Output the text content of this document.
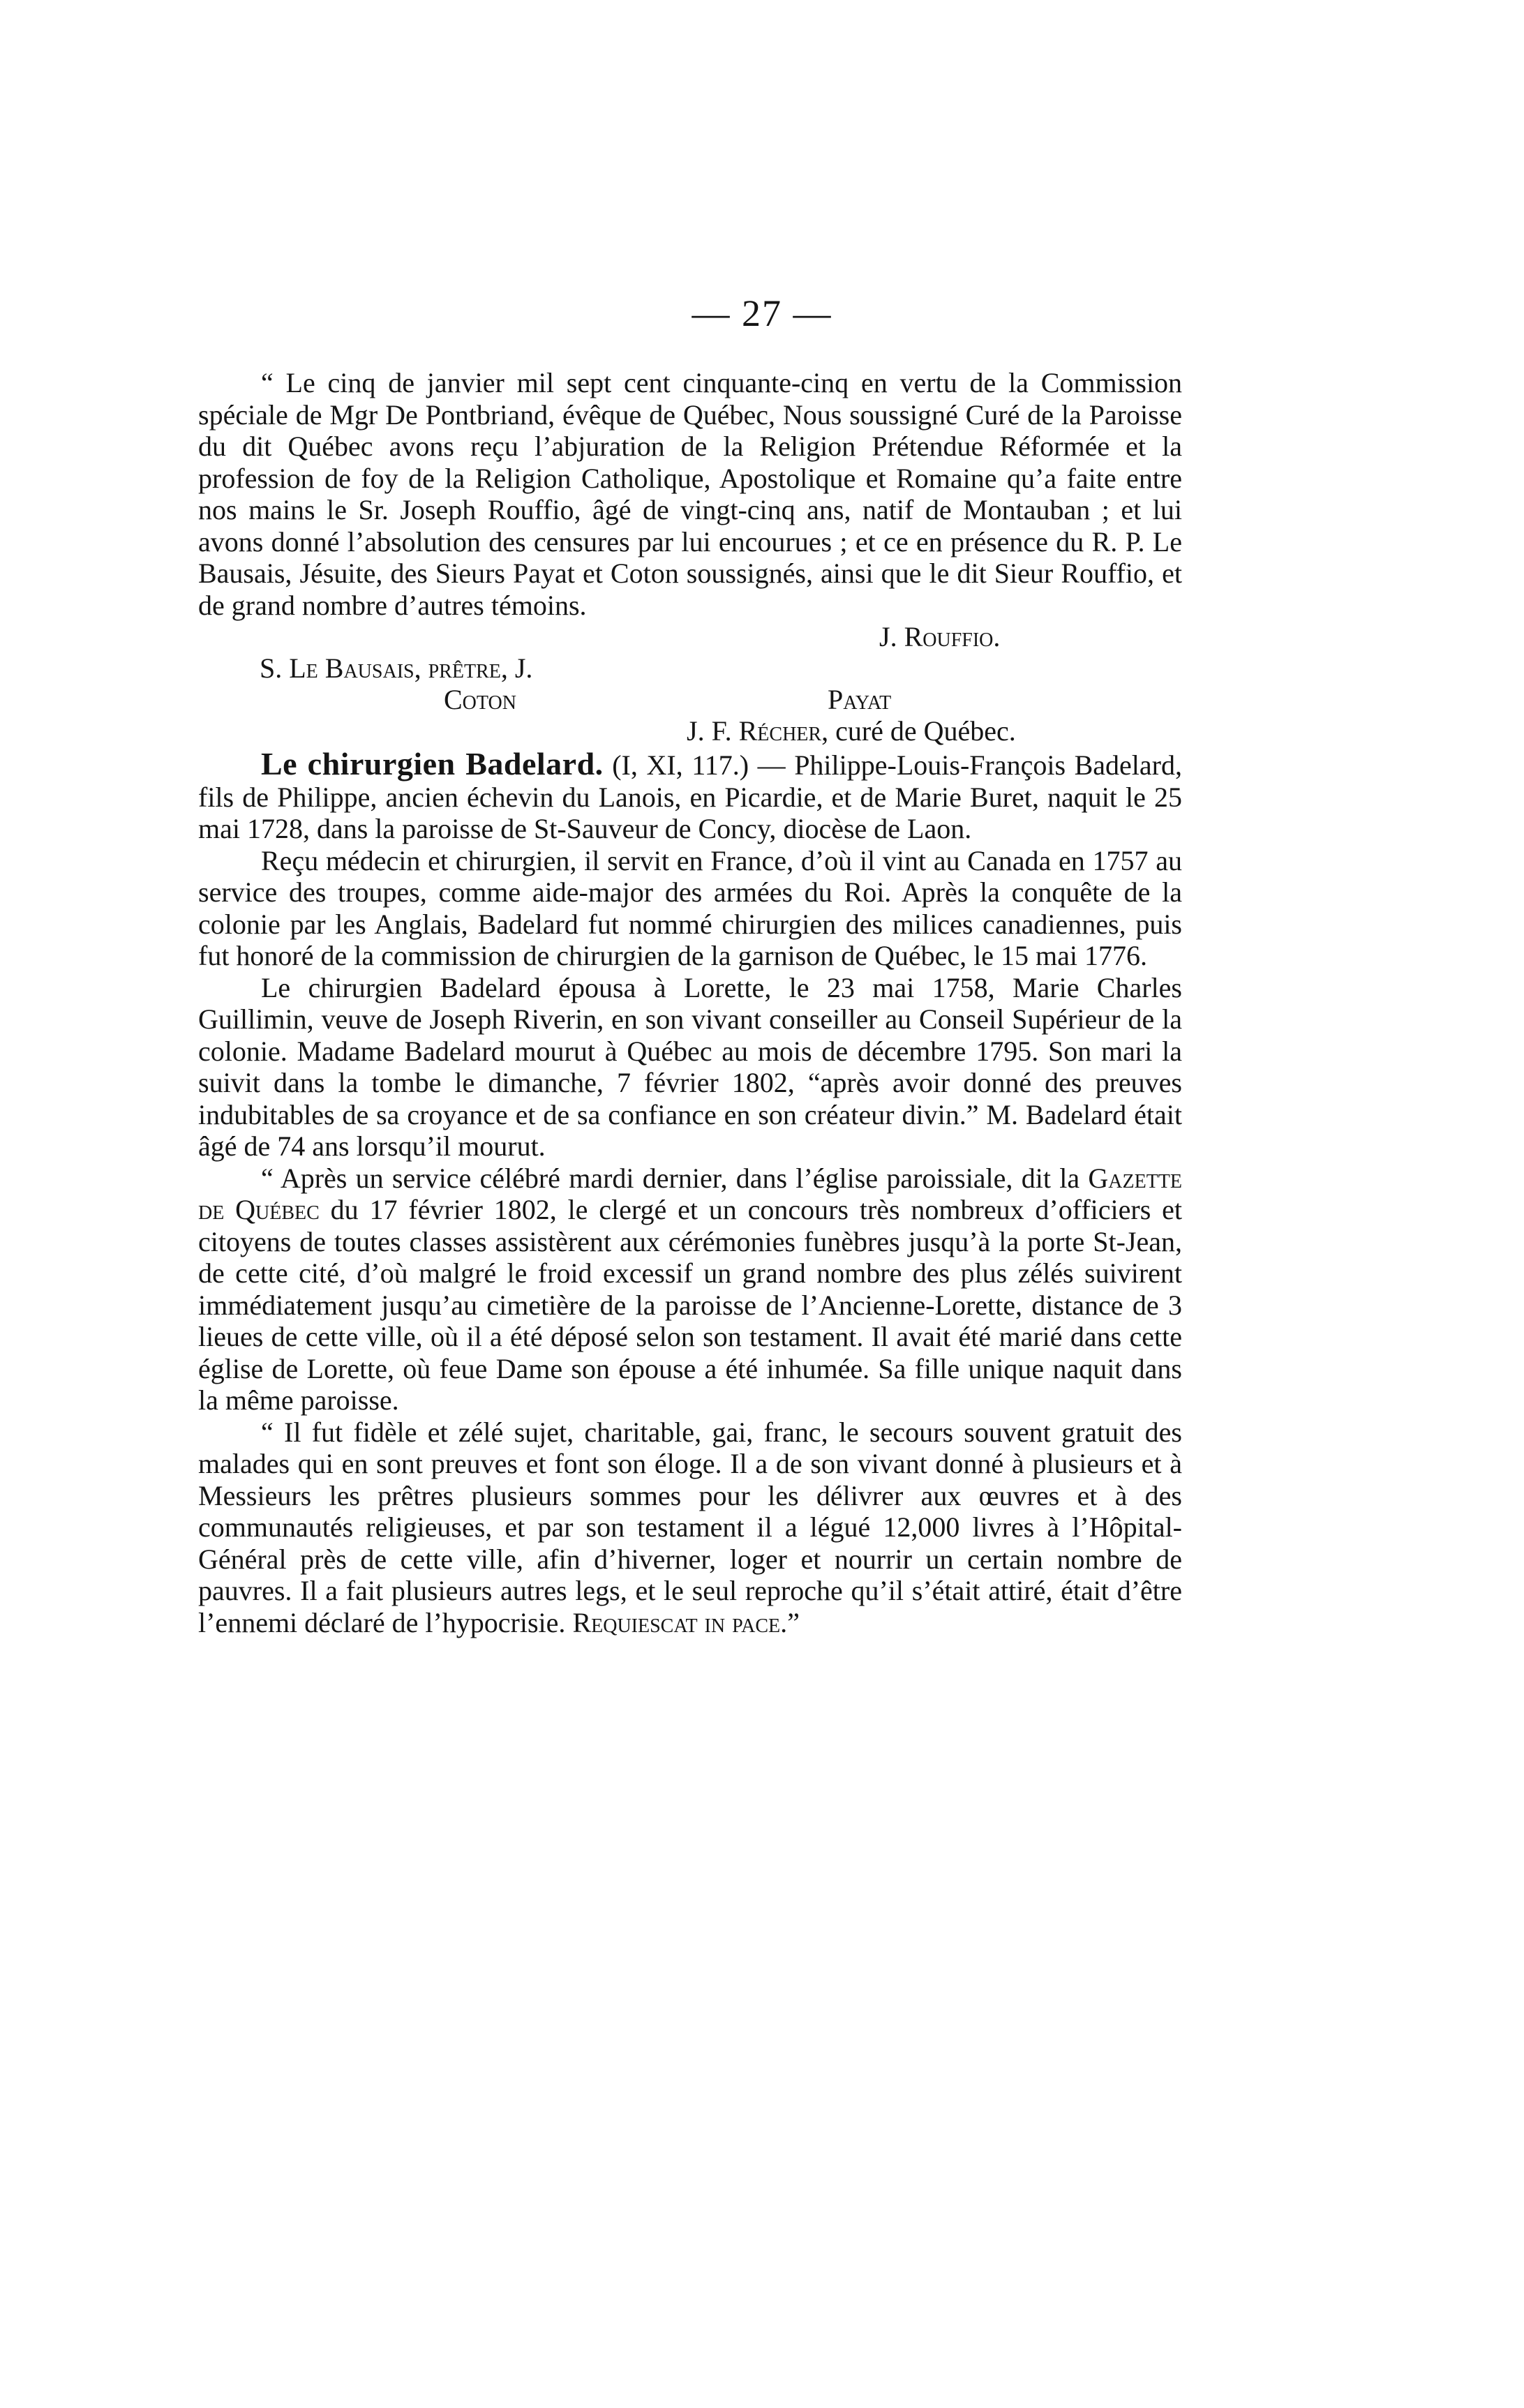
— 27 —

“ Le cinq de janvier mil sept cent cinquante-cinq en vertu de la Commission spéciale de Mgr De Pontbriand, évêque de Québec, Nous soussigné Curé de la Paroisse du dit Québec avons reçu l’abjuration de la Religion Prétendue Réformée et la profession de foy de la Religion Catholique, Apostolique et Romaine qu’a faite entre nos mains le Sr. Joseph Rouffio, âgé de vingt-cinq ans, natif de Montauban ; et lui avons donné l’absolution des censures par lui encourues ; et ce en présence du R. P. Le Bausais, Jésuite, des Sieurs Payat et Coton soussignés, ainsi que le dit Sieur Rouffio, et de grand nombre d’autres témoins.

J. Rouffio.
S. Le Bausais, prêtre, J.
Coton	Payat
J. F. Récher, curé de Québec.

Le chirurgien Badelard. (I, XI, 117.) — Philippe-Louis-François Badelard, fils de Philippe, ancien échevin du Lanois, en Picardie, et de Marie Buret, naquit le 25 mai 1728, dans la paroisse de St-Sauveur de Concy, diocèse de Laon.

Reçu médecin et chirurgien, il servit en France, d’où il vint au Canada en 1757 au service des troupes, comme aide-major des armées du Roi. Après la conquête de la colonie par les Anglais, Badelard fut nommé chirurgien des milices canadiennes, puis fut honoré de la commission de chirurgien de la garnison de Québec, le 15 mai 1776.

Le chirurgien Badelard épousa à Lorette, le 23 mai 1758, Marie Charles Guillimin, veuve de Joseph Riverin, en son vivant conseiller au Conseil Supérieur de la colonie. Madame Badelard mourut à Québec au mois de décembre 1795. Son mari la suivit dans la tombe le dimanche, 7 février 1802, “après avoir donné des preuves indubitables de sa croyance et de sa confiance en son créateur divin.” M. Badelard était âgé de 74 ans lorsqu’il mourut.

“ Après un service célébré mardi dernier, dans l’église paroissiale, dit la Gazette de Québec du 17 février 1802, le clergé et un concours très nombreux d’officiers et citoyens de toutes classes assistèrent aux cérémonies funèbres jusqu’à la porte St-Jean, de cette cité, d’où malgré le froid excessif un grand nombre des plus zélés suivirent immédiatement jusqu’au cimetière de la paroisse de l’Ancienne-Lorette, distance de 3 lieues de cette ville, où il a été déposé selon son testament. Il avait été marié dans cette église de Lorette, où feue Dame son épouse a été inhumée. Sa fille unique naquit dans la même paroisse.

“ Il fut fidèle et zélé sujet, charitable, gai, franc, le secours souvent gratuit des malades qui en sont preuves et font son éloge. Il a de son vivant donné à plusieurs et à Messieurs les prêtres plusieurs sommes pour les délivrer aux œuvres et à des communautés religieuses, et par son testament il a légué 12,000 livres à l’Hôpital-Général près de cette ville, afin d’hiverner, loger et nourrir un certain nombre de pauvres. Il a fait plusieurs autres legs, et le seul reproche qu’il s’était attiré, était d’être l’ennemi déclaré de l’hypocrisie. Requiescat in pace.”
